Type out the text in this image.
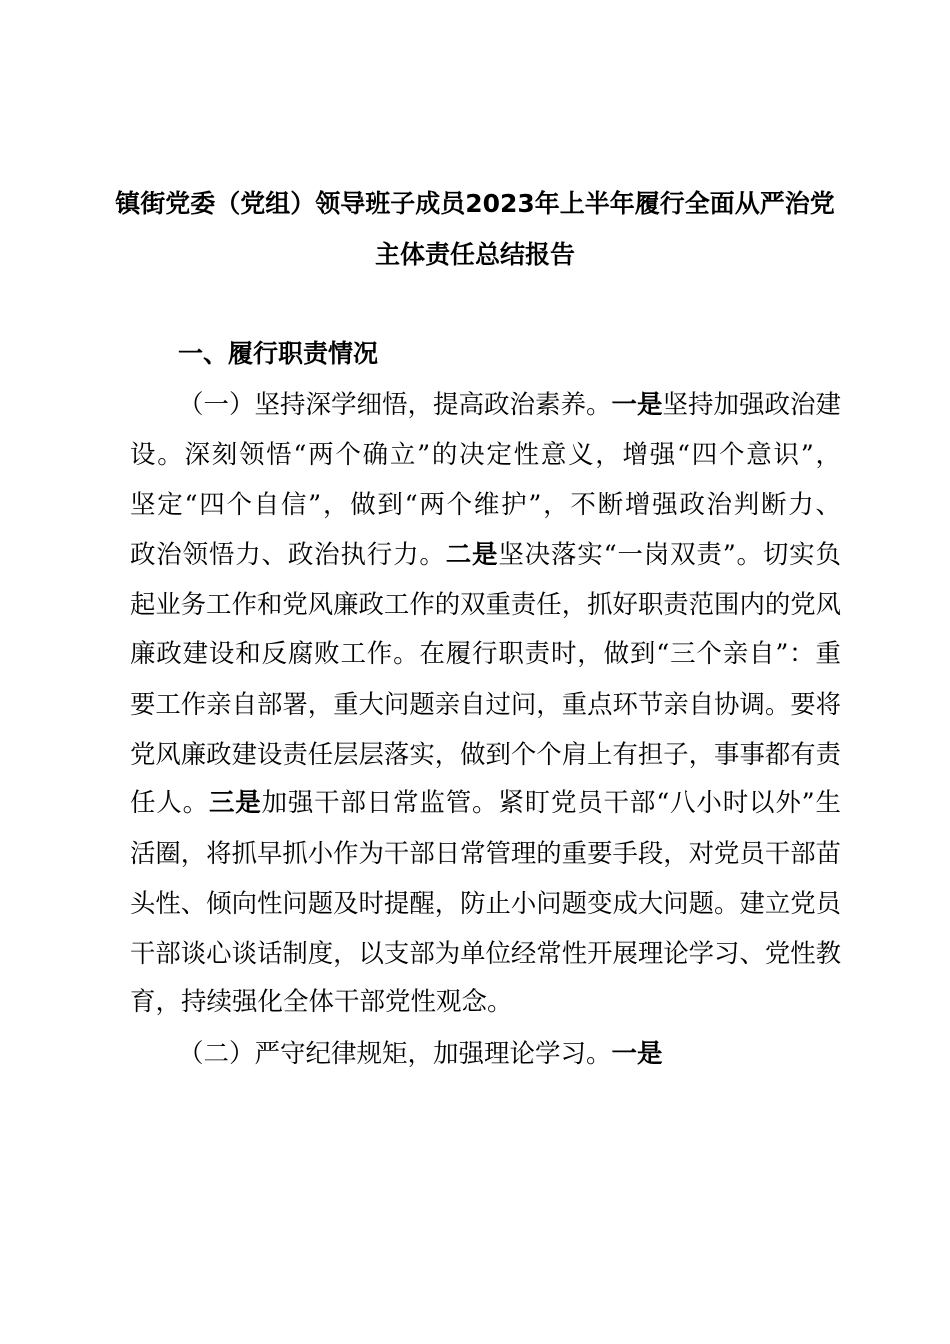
镇街党委（党组）领导班子成员2023年上半年履行全面从严治党
主体责任总结报告
一、履行职责情况
（一）坚持深学细悟，提高政治素养。一是坚持加强政治建
设。深刻领悟“两个确立”的决定性意义，增强“四个意识”，
坚定“四个自信”，做到“两个维护”，不断增强政治判断力、
政治领悟力、政治执行力。二是坚决落实“一岗双责”。切实负
起业务工作和党风廉政工作的双重责任，抓好职责范围内的党风
廉政建设和反腐败工作。在履行职责时，做到“三个亲自”：重
要工作亲自部署，重大问题亲自过问，重点环节亲自协调。要将
党风廉政建设责任层层落实，做到个个肩上有担子，事事都有责
任人。三是加强干部日常监管。紧盯党员干部“八小时以外”生
活圈，将抓早抓小作为干部日常管理的重要手段，对党员干部苗
头性、倾向性问题及时提醒，防止小问题变成大问题。建立党员
干部谈心谈话制度，以支部为单位经常性开展理论学习、党性教
育，持续强化全体干部党性观念。
（二）严守纪律规矩，加强理论学习。一是
